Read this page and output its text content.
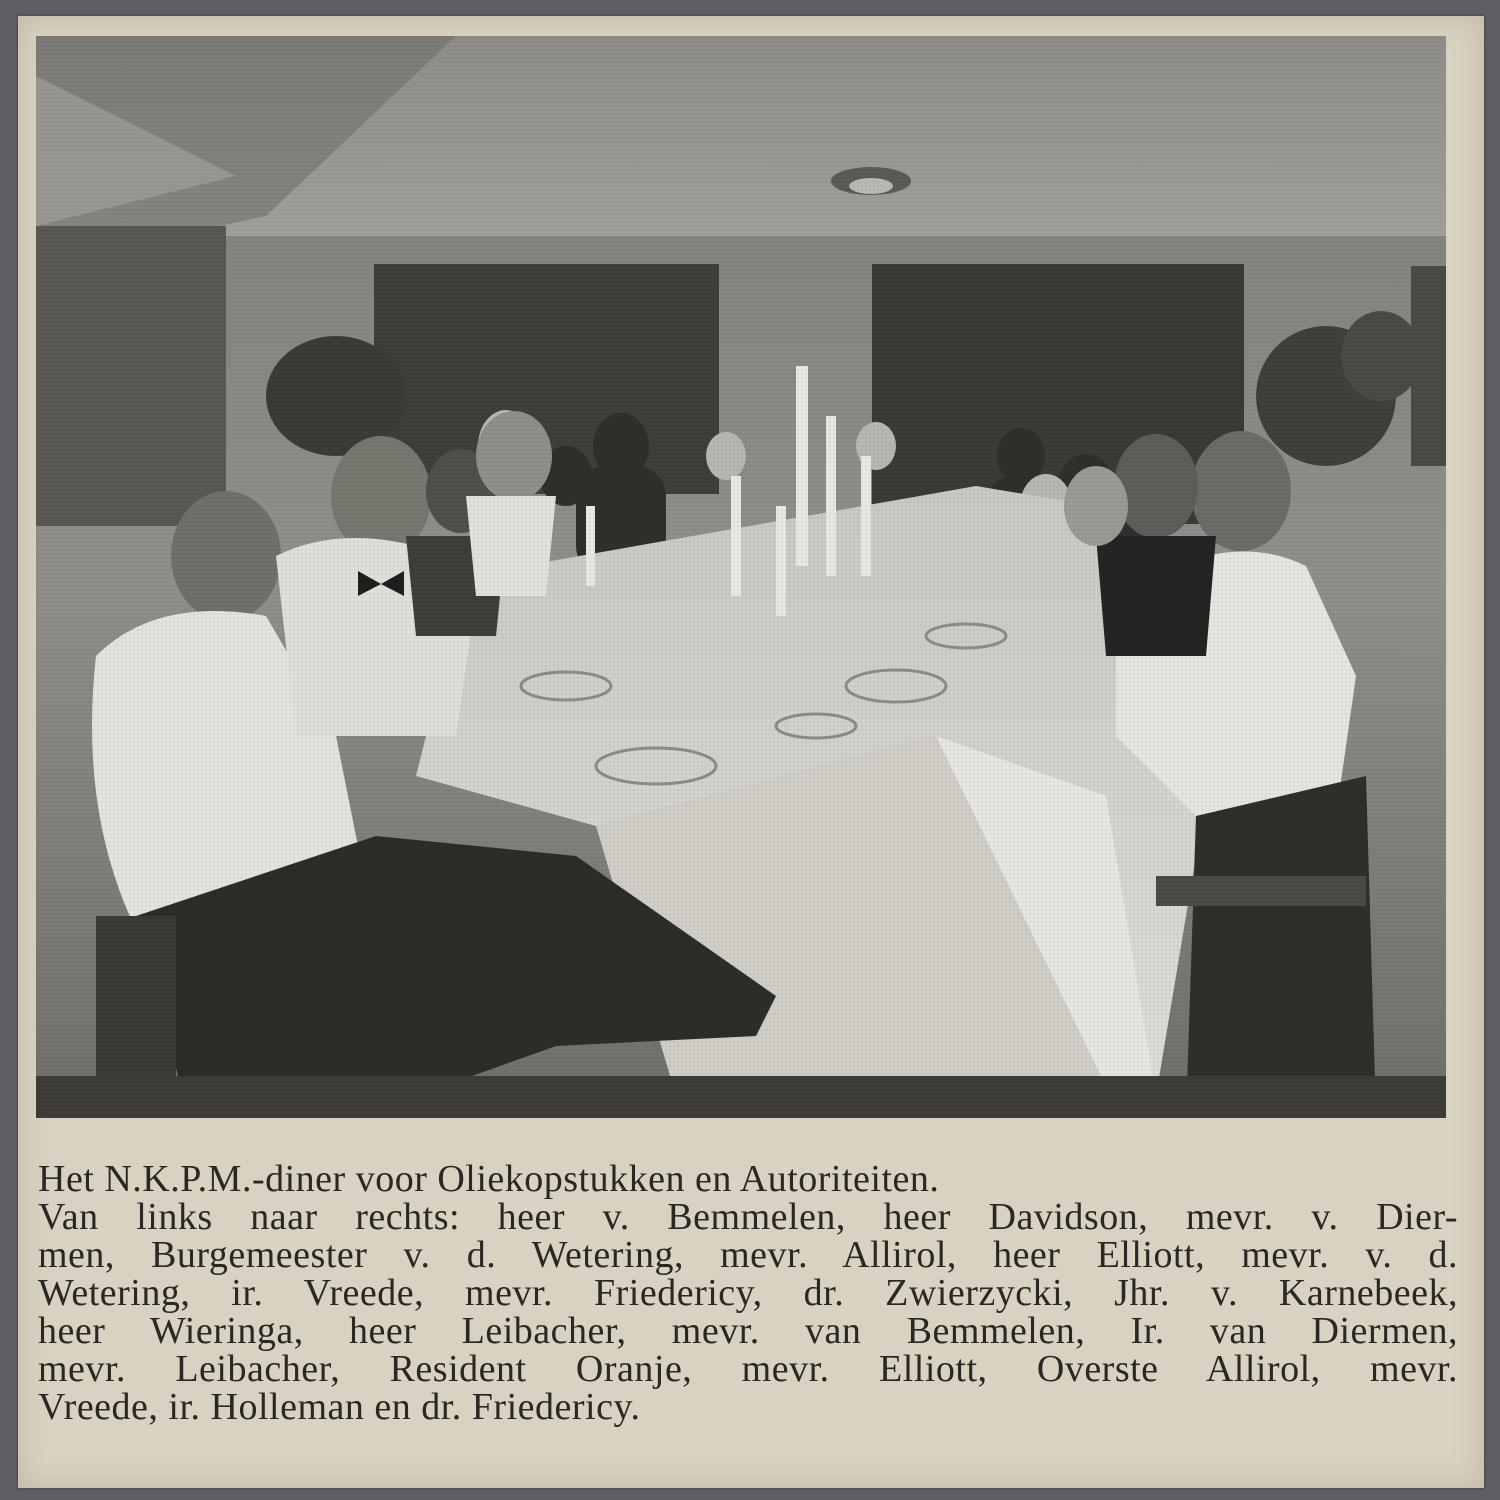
Het N.K.P.M.-diner voor Oliekopstukken en Autoriteiten.
Van links naar rechts: heer v. Bemmelen, heer Davidson, mevr. v. Dier-
men, Burgemeester v. d. Wetering, mevr. Allirol, heer Elliott, mevr. v. d.
Wetering, ir. Vreede, mevr. Friedericy, dr. Zwierzycki, Jhr. v. Karnebeek,
heer Wieringa, heer Leibacher, mevr. van Bemmelen, Ir. van Diermen,
mevr. Leibacher, Resident Oranje, mevr. Elliott, Overste Allirol, mevr.
Vreede, ir. Holleman en dr. Friedericy.
